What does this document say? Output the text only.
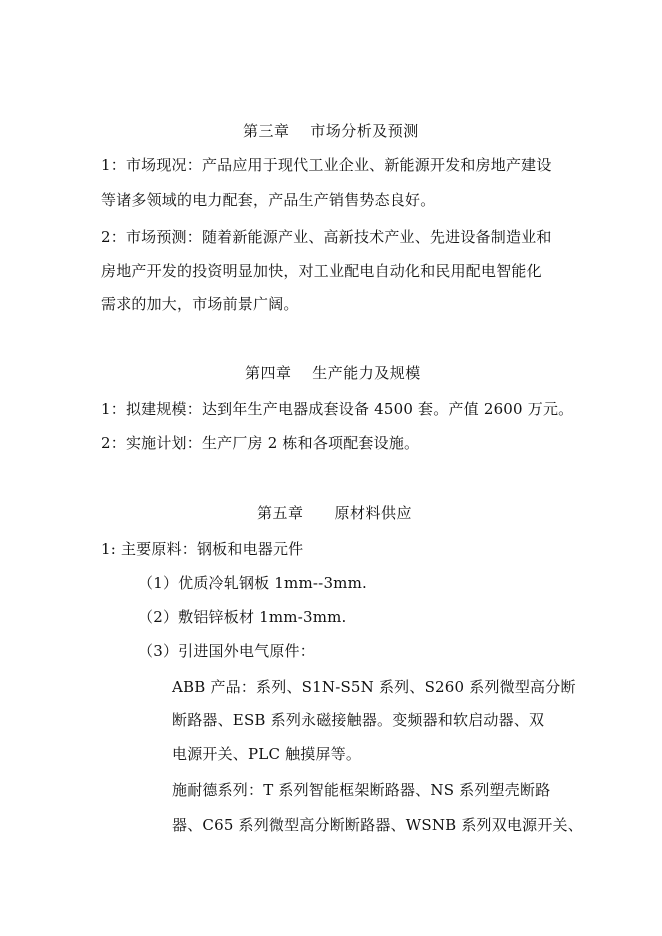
第三章　 市场分析及预测
1：市场现况：产品应用于现代工业企业、新能源开发和房地产建设
等诸多领域的电力配套，产品生产销售势态良好。
2：市场预测：随着新能源产业、高新技术产业、先进设备制造业和
房地产开发的投资明显加快，对工业配电自动化和民用配电智能化
需求的加大，市场前景广阔。
第四章　 生产能力及规模
1：拟建规模：达到年生产电器成套设备 4500 套。产值 2600 万元。
2：实施计划：生产厂房 2 栋和各项配套设施。
第五章　　原材料供应
1: 主要原料：钢板和电器元件
（1）优质冷轧钢板 1mm--3mm.
（2）敷铝锌板材 1mm-3mm.
（3）引进国外电气原件：
ABB 产品：系列、S1N-S5N 系列、S260 系列微型高分断
断路器、ESB 系列永磁接触器。变频器和软启动器、双
电源开关、PLC 触摸屏等。
施耐德系列：T 系列智能框架断路器、NS 系列塑壳断路
器、C65 系列微型高分断断路器、WSNB 系列双电源开关、
